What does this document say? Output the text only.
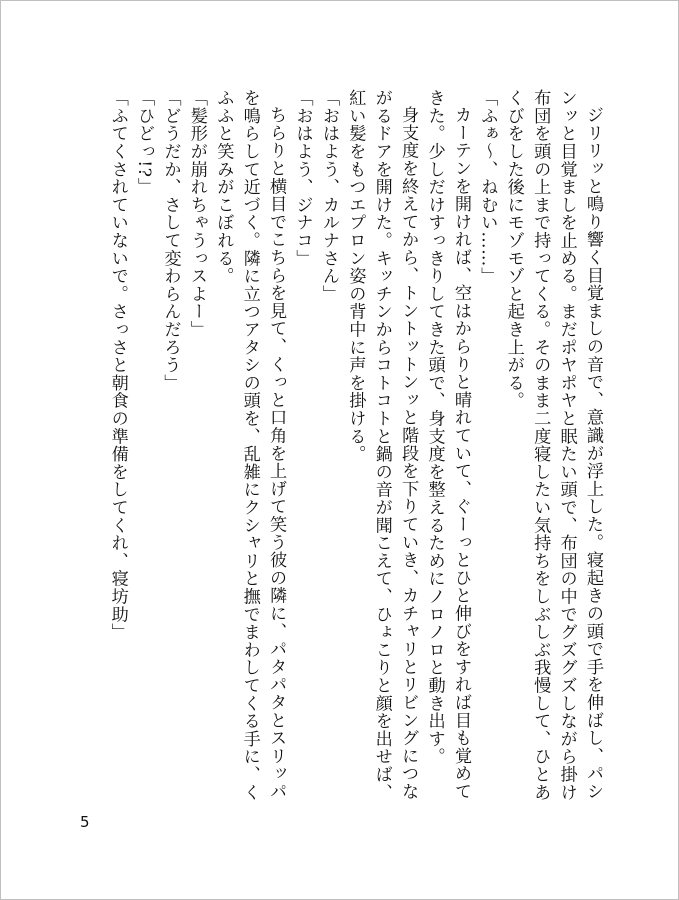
ジリリッと鳴り響く目覚ましの音で、意識が浮上した。寝起きの頭で手を伸ばし、パシンッと目覚ましを止める。まだポヤポヤと眠たい頭で、布団の中でグズグズしながら掛け布団を頭の上まで持ってくる。そのまま二度寝したい気持ちをしぶしぶ我慢して、ひとあくびをした後にモゾモゾと起き上がる。

「ふぁ〜、ねむい……」

カーテンを開ければ、空はからりと晴れていて、ぐーっとひと伸びをすれば目も覚めてきた。少しだけすっきりしてきた頭で、身支度を整えるためにノロノロと動き出す。

身支度を終えてから、トントットンッと階段を下りていき、カチャリとリビングにつながるドアを開けた。キッチンからコトコトと鍋の音が聞こえて、ひょこりと顔を出せば、紅い髪をもつエプロン姿の背中に声を掛ける。

「おはよう、カルナさん」

「おはよう、ジナコ」

ちらりと横目でこちらを見て、くっと口角を上げて笑う彼の隣に、パタパタとスリッパを鳴らして近づく。隣に立つアタシの頭を、乱雑にクシャリと撫でまわしてくる手に、くふふと笑みがこぼれる。

「髪形が崩れちゃうっスよー」

「どうだか、さして変わらんだろう」

「ひどっ!?」

「ふてくされていないで。さっさと朝食の準備をしてくれ、寝坊助」

5
